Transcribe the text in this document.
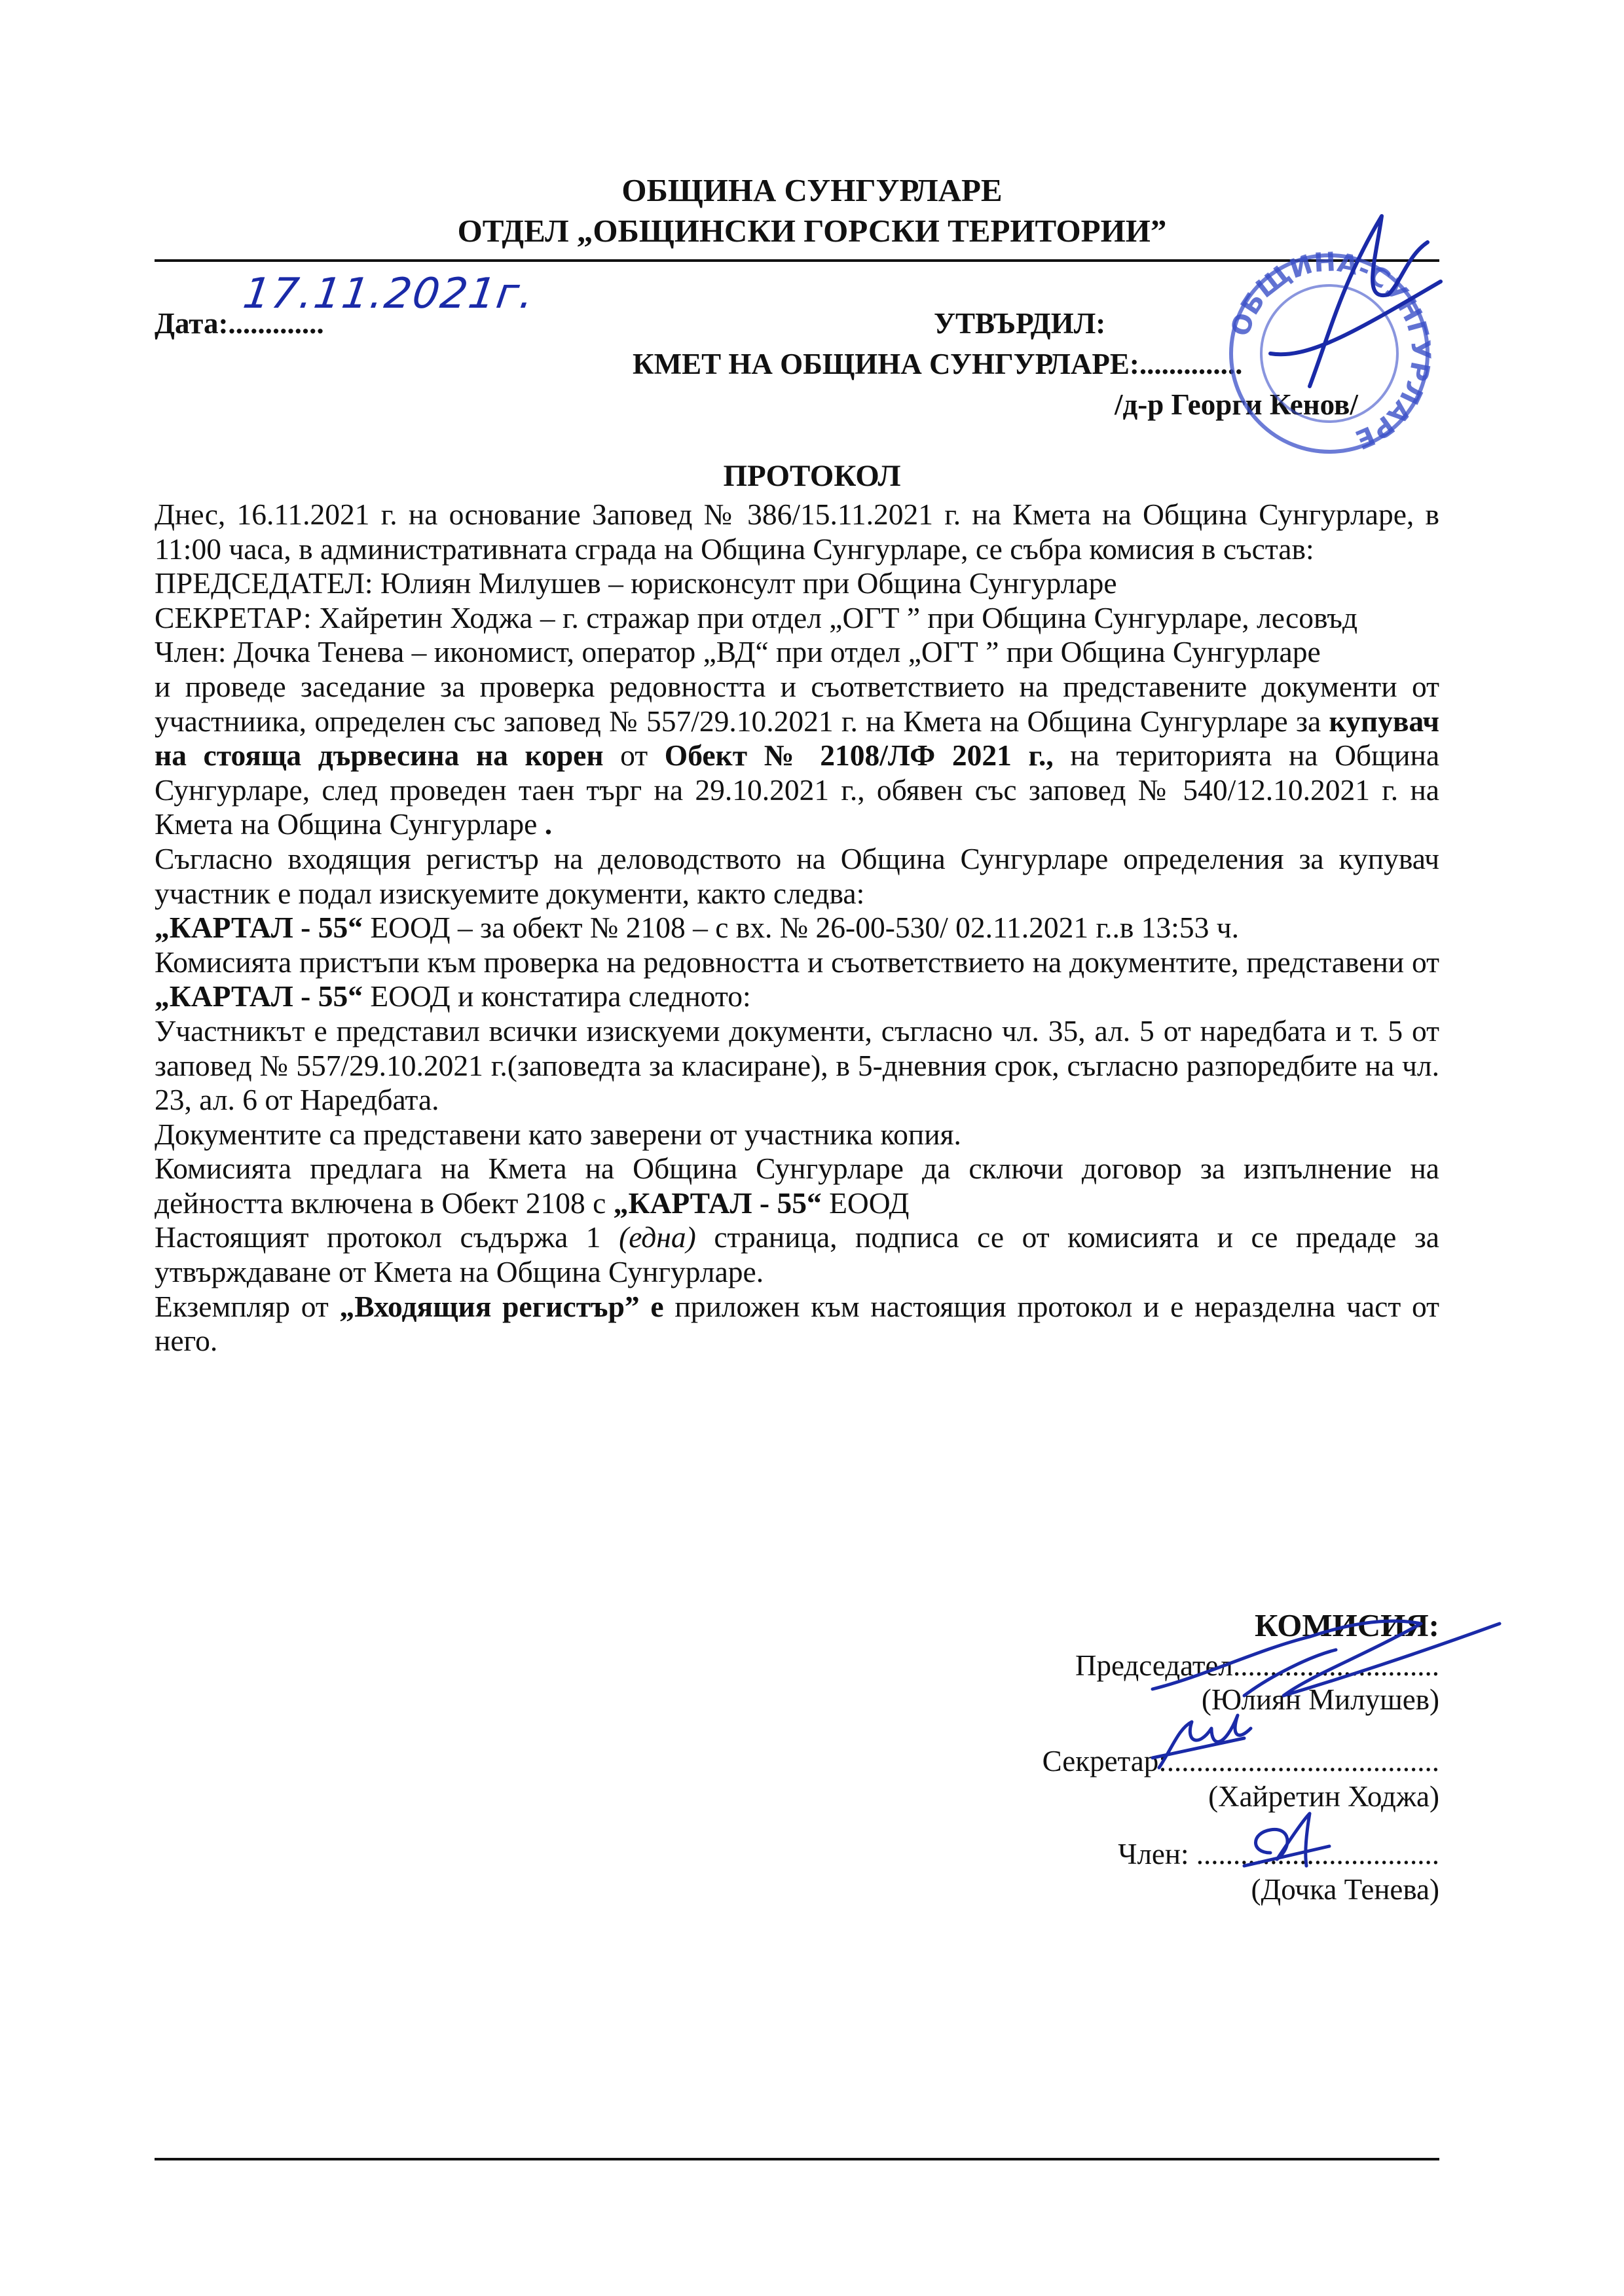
ОБЩИНА СУНГУРЛАРЕ
ОТДЕЛ „ОБЩИНСКИ ГОРСКИ ТЕРИТОРИИ”
Дата:.............
17.11.2021г.
УТВЪРДИЛ:
КМЕТ НА ОБЩИНА СУНГУРЛАРЕ:..............
/д-р Георги Кенов/
ОБЩИНА-СУНГУРЛАРЕ
ПРОТОКОЛ

Днес, 16.11.2021 г. на основание Заповед № 386/15.11.2021 г. на Кмета на Община Сунгурларе, в 11:00 часа, в административната сграда на Община Сунгурларе, се събра комисия в състав:

ПРЕДСЕДАТЕЛ: Юлиян Милушев – юрисконсулт при Община Сунгурларе

СЕКРЕТАР: Хайретин Ходжа – г. стражар при отдел „ОГТ ” при Община Сунгурларе, лесовъд

Член: Дочка Тенева – икономист, оператор „ВД“ при отдел „ОГТ ” при Община Сунгурларе

и проведе заседание за проверка редовността и съответствието на представените документи от участниика, определен със заповед № 557/29.10.2021 г. на Кмета на Община Сунгурларе за купувач на стояща дървесина на корен от Обект № 2108/ЛФ 2021 г., на територията на Община Сунгурларе, след проведен таен търг на 29.10.2021 г., обявен със заповед № 540/12.10.2021 г. на Кмета на Община Сунгурларе .

Съгласно входящия регистър на деловодството на Община Сунгурларе определения за купувач участник е подал изискуемите документи, както следва:

„КАРТАЛ - 55“ ЕООД – за обект № 2108 – с вх. № 26-00-530/ 02.11.2021 г..в 13:53 ч.

Комисията пристъпи към проверка на редовността и съответствието на документите, представени от „КАРТАЛ - 55“ ЕООД и констатира следното:

Участникът е представил всички изискуеми документи, съгласно чл. 35, ал. 5 от наредбата и т. 5 от заповед № 557/29.10.2021 г.(заповедта за класиране), в 5-дневния срок, съгласно разпоредбите на чл. 23, ал. 6 от Наредбата.

Документите са представени като заверени от участника копия.

Комисията предлага на Кмета на Община Сунгурларе да сключи договор за изпълнение на дейността включена в Обект 2108 с „КАРТАЛ - 55“ ЕООД

Настоящият протокол съдържа 1 (една) страница, подписа се от комисията и се предаде за утвърждаване от Кмета на Община Сунгурларе.

Екземпляр от „Входящия регистър” е приложен към настоящия протокол и е неразделна част от него.

КОМИСИЯ:
Председател............................
(Юлиян Милушев)
Секретар:.....................................
(Хайретин Ходжа)
Член: .................................
(Дочка Тенева)
